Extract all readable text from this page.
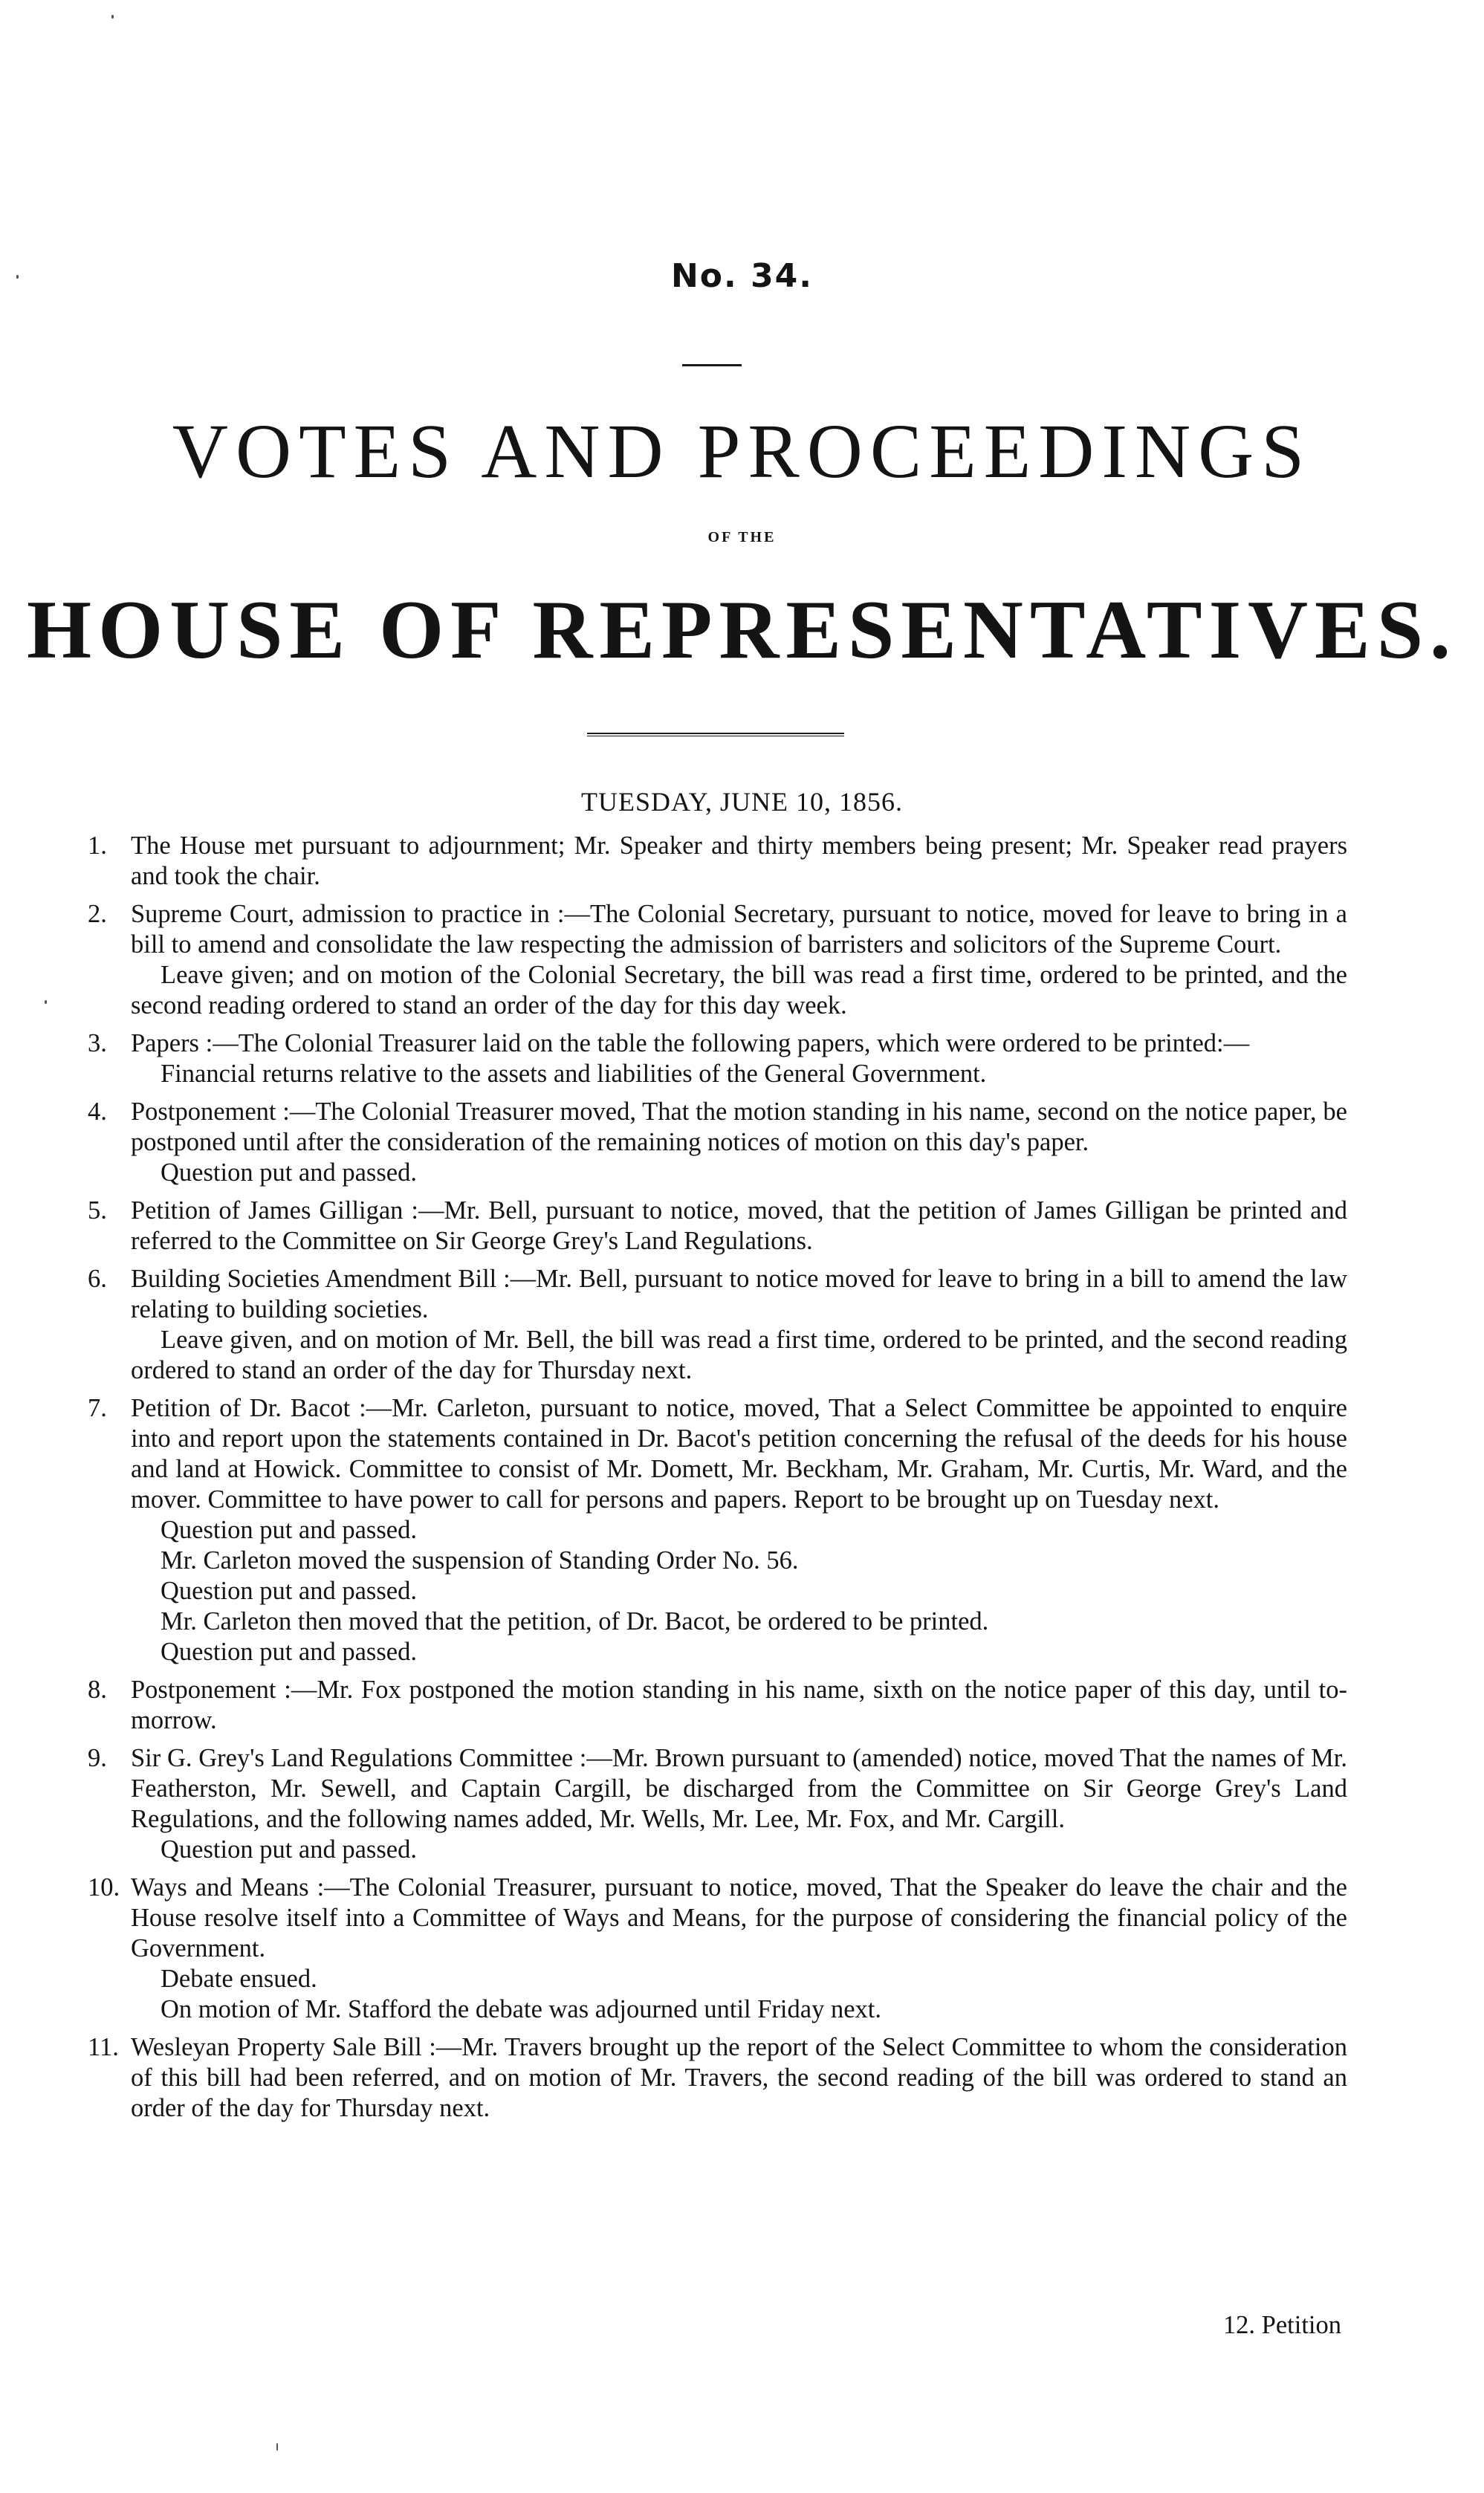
No. 34.
VOTES AND PROCEEDINGS
OF THE
HOUSE OF REPRESENTATIVES.
TUESDAY, JUNE 10, 1856.

1. The House met pursuant to adjournment; Mr. Speaker and thirty members being present; Mr. Speaker read prayers and took the chair.

2. Supreme Court, admission to practice in :—The Colonial Secretary, pursuant to notice, moved for leave to bring in a bill to amend and consolidate the law respecting the admission of barristers and solicitors of the Supreme Court.

Leave given; and on motion of the Colonial Secretary, the bill was read a first time, ordered to be printed, and the second reading ordered to stand an order of the day for this day week.

3. Papers :—The Colonial Treasurer laid on the table the following papers, which were ordered to be printed:—

Financial returns relative to the assets and liabilities of the General Government.

4. Postponement :—The Colonial Treasurer moved, That the motion standing in his name, second on the notice paper, be postponed until after the consideration of the remaining notices of motion on this day's paper.

Question put and passed.

5. Petition of James Gilligan :—Mr. Bell, pursuant to notice, moved, that the petition of James Gilligan be printed and referred to the Committee on Sir George Grey's Land Regulations.

6. Building Societies Amendment Bill :—Mr. Bell, pursuant to notice moved for leave to bring in a bill to amend the law relating to building societies.

Leave given, and on motion of Mr. Bell, the bill was read a first time, ordered to be printed, and the second reading ordered to stand an order of the day for Thursday next.

7. Petition of Dr. Bacot :—Mr. Carleton, pursuant to notice, moved, That a Select Committee be appointed to enquire into and report upon the statements contained in Dr. Bacot's petition concerning the refusal of the deeds for his house and land at Howick. Committee to consist of Mr. Domett, Mr. Beckham, Mr. Graham, Mr. Curtis, Mr. Ward, and the mover. Committee to have power to call for persons and papers. Report to be brought up on Tuesday next.

Question put and passed.

Mr. Carleton moved the suspension of Standing Order No. 56.

Question put and passed.

Mr. Carleton then moved that the petition, of Dr. Bacot, be ordered to be printed.

Question put and passed.

8. Postponement :—Mr. Fox postponed the motion standing in his name, sixth on the notice paper of this day, until to-morrow.

9. Sir G. Grey's Land Regulations Committee :—Mr. Brown pursuant to (amended) notice, moved That the names of Mr. Featherston, Mr. Sewell, and Captain Cargill, be discharged from the Committee on Sir George Grey's Land Regulations, and the following names added, Mr. Wells, Mr. Lee, Mr. Fox, and Mr. Cargill.

Question put and passed.

10. Ways and Means :—The Colonial Treasurer, pursuant to notice, moved, That the Speaker do leave the chair and the House resolve itself into a Committee of Ways and Means, for the purpose of considering the financial policy of the Government.

Debate ensued.

On motion of Mr. Stafford the debate was adjourned until Friday next.

11. Wesleyan Property Sale Bill :—Mr. Travers brought up the report of the Select Committee to whom the consideration of this bill had been referred, and on motion of Mr. Travers, the second reading of the bill was ordered to stand an order of the day for Thursday next.

12. Petition
